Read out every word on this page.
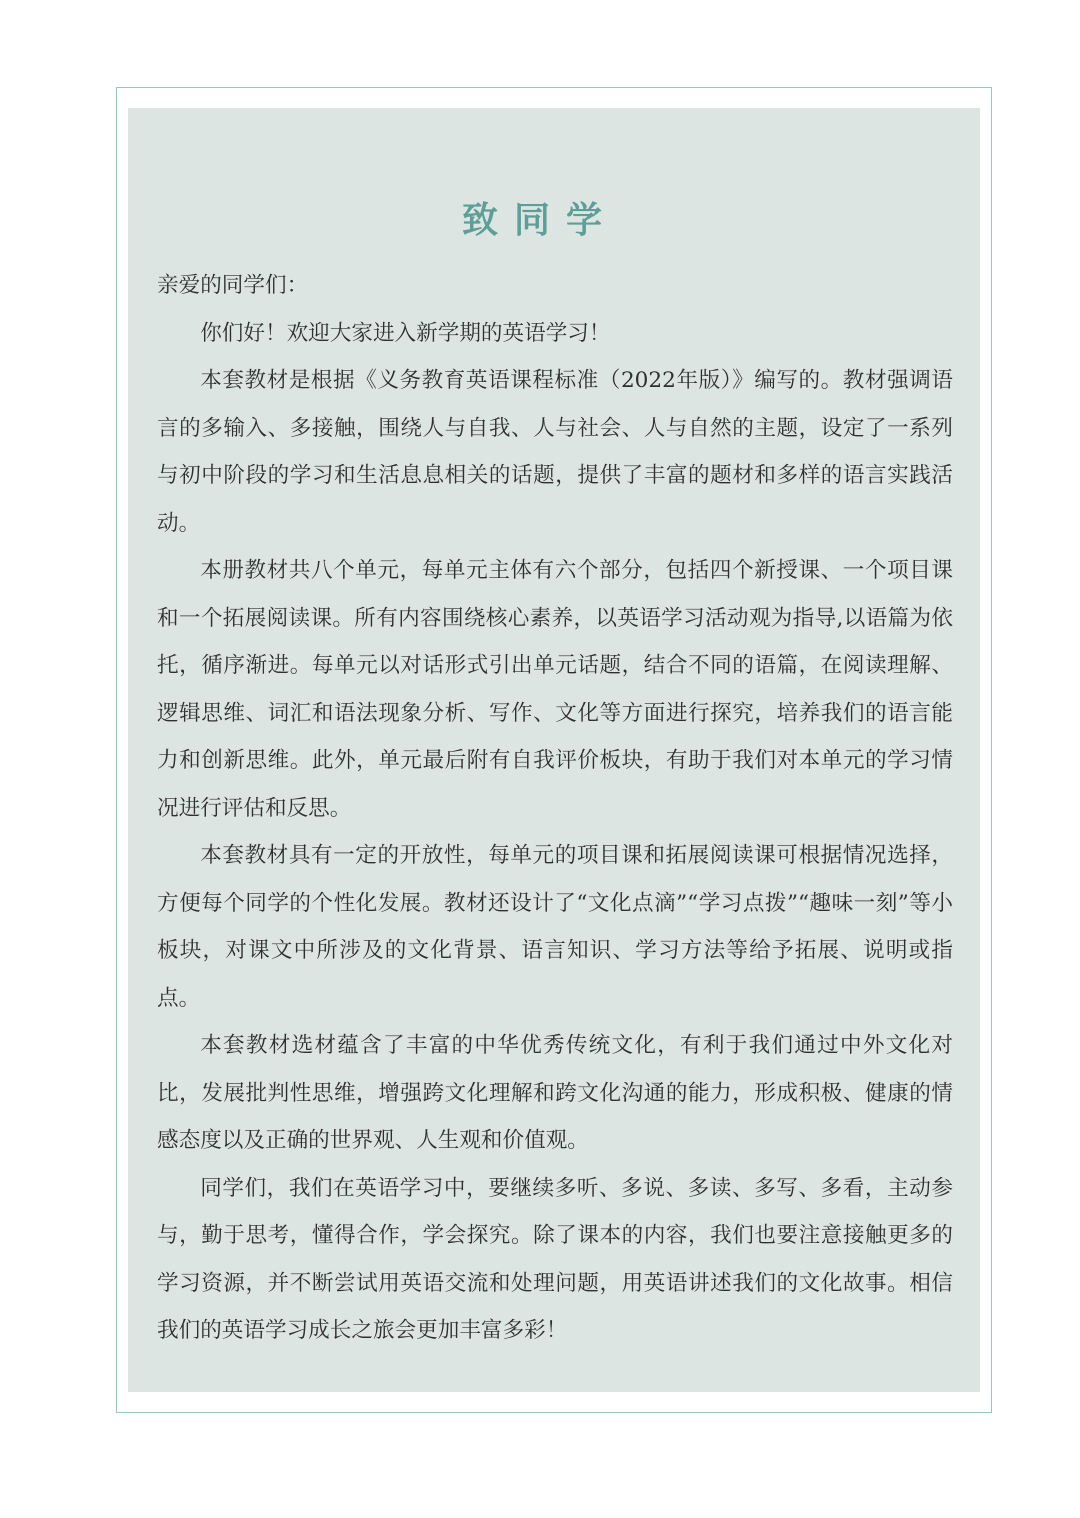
致同学

亲爱的同学们：

你们好！欢迎大家进入新学期的英语学习！

本套教材是根据《义务教育英语课程标准（2022年版）》编写的。教材强调语言的多输入、多接触，围绕人与自我、人与社会、人与自然的主题，设定了一系列与初中阶段的学习和生活息息相关的话题，提供了丰富的题材和多样的语言实践活动。

本册教材共八个单元，每单元主体有六个部分，包括四个新授课、一个项目课和一个拓展阅读课。所有内容围绕核心素养，以英语学习活动观为指导,以语篇为依托，循序渐进。每单元以对话形式引出单元话题，结合不同的语篇，在阅读理解、逻辑思维、词汇和语法现象分析、写作、文化等方面进行探究，培养我们的语言能力和创新思维。此外，单元最后附有自我评价板块，有助于我们对本单元的学习情况进行评估和反思。

本套教材具有一定的开放性，每单元的项目课和拓展阅读课可根据情况选择，方便每个同学的个性化发展。教材还设计了“文化点滴”“学习点拨”“趣味一刻”等小板块，对课文中所涉及的文化背景、语言知识、学习方法等给予拓展、说明或指点。

本套教材选材蕴含了丰富的中华优秀传统文化，有利于我们通过中外文化对比，发展批判性思维，增强跨文化理解和跨文化沟通的能力，形成积极、健康的情感态度以及正确的世界观、人生观和价值观。

同学们，我们在英语学习中，要继续多听、多说、多读、多写、多看，主动参与，勤于思考，懂得合作，学会探究。除了课本的内容，我们也要注意接触更多的学习资源，并不断尝试用英语交流和处理问题，用英语讲述我们的文化故事。相信我们的英语学习成长之旅会更加丰富多彩！
